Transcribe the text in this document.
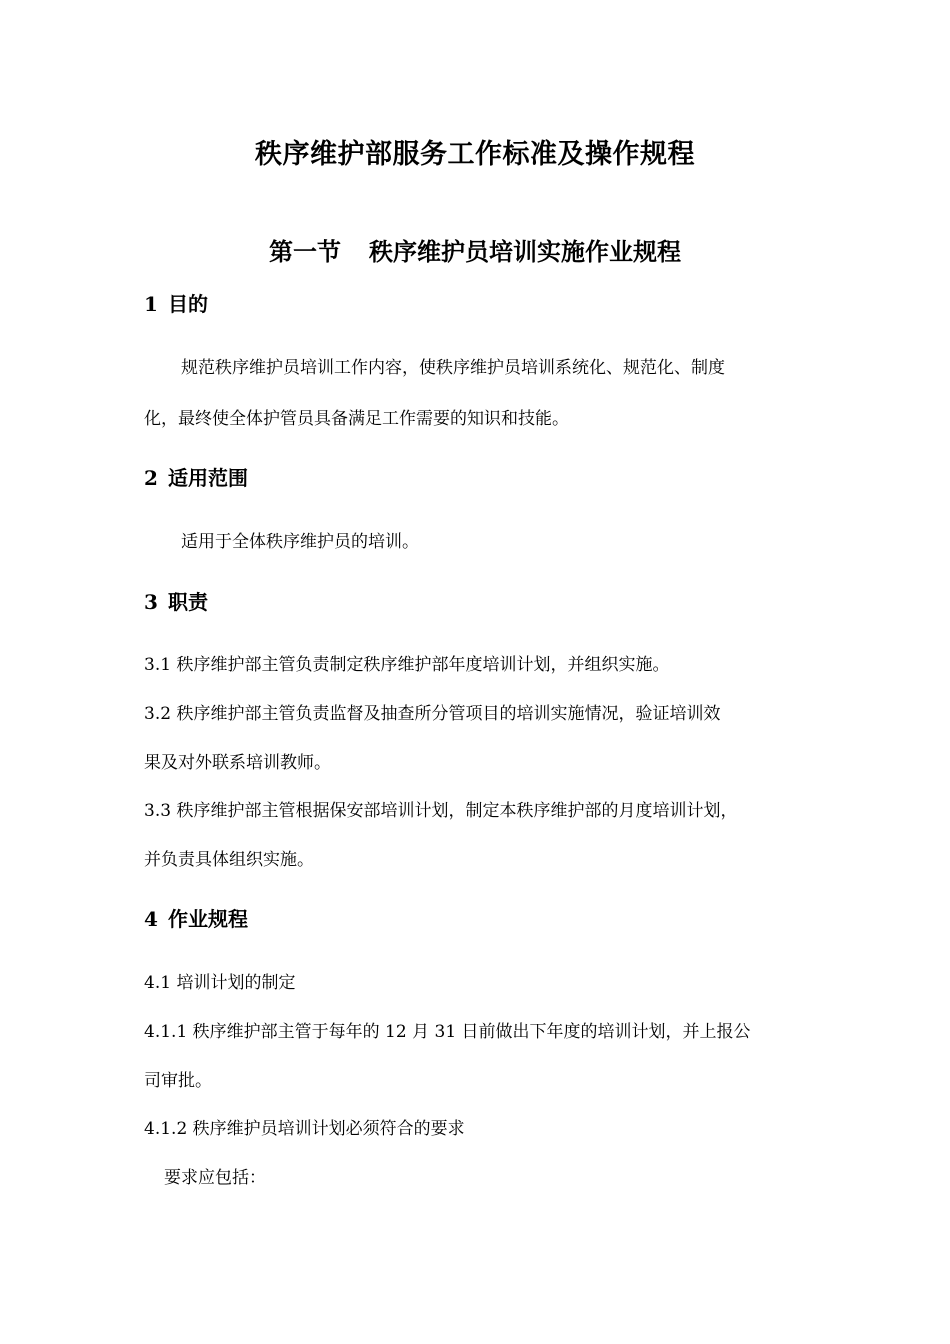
秩序维护部服务工作标准及操作规程
第一节 秩序维护员培训实施作业规程
1 目的
规范秩序维护员培训工作内容，使秩序维护员培训系统化、规范化、制度
化，最终使全体护管员具备满足工作需要的知识和技能。
2 适用范围
适用于全体秩序维护员的培训。
3 职责
3.1 秩序维护部主管负责制定秩序维护部年度培训计划，并组织实施。
3.2 秩序维护部主管负责监督及抽查所分管项目的培训实施情况，验证培训效
果及对外联系培训教师。
3.3 秩序维护部主管根据保安部培训计划，制定本秩序维护部的月度培训计划，
并负责具体组织实施。
4 作业规程
4.1 培训计划的制定
4.1.1 秩序维护部主管于每年的 12 月 31 日前做出下年度的培训计划，并上报公
司审批。
4.1.2 秩序维护员培训计划必须符合的要求
要求应包括：
